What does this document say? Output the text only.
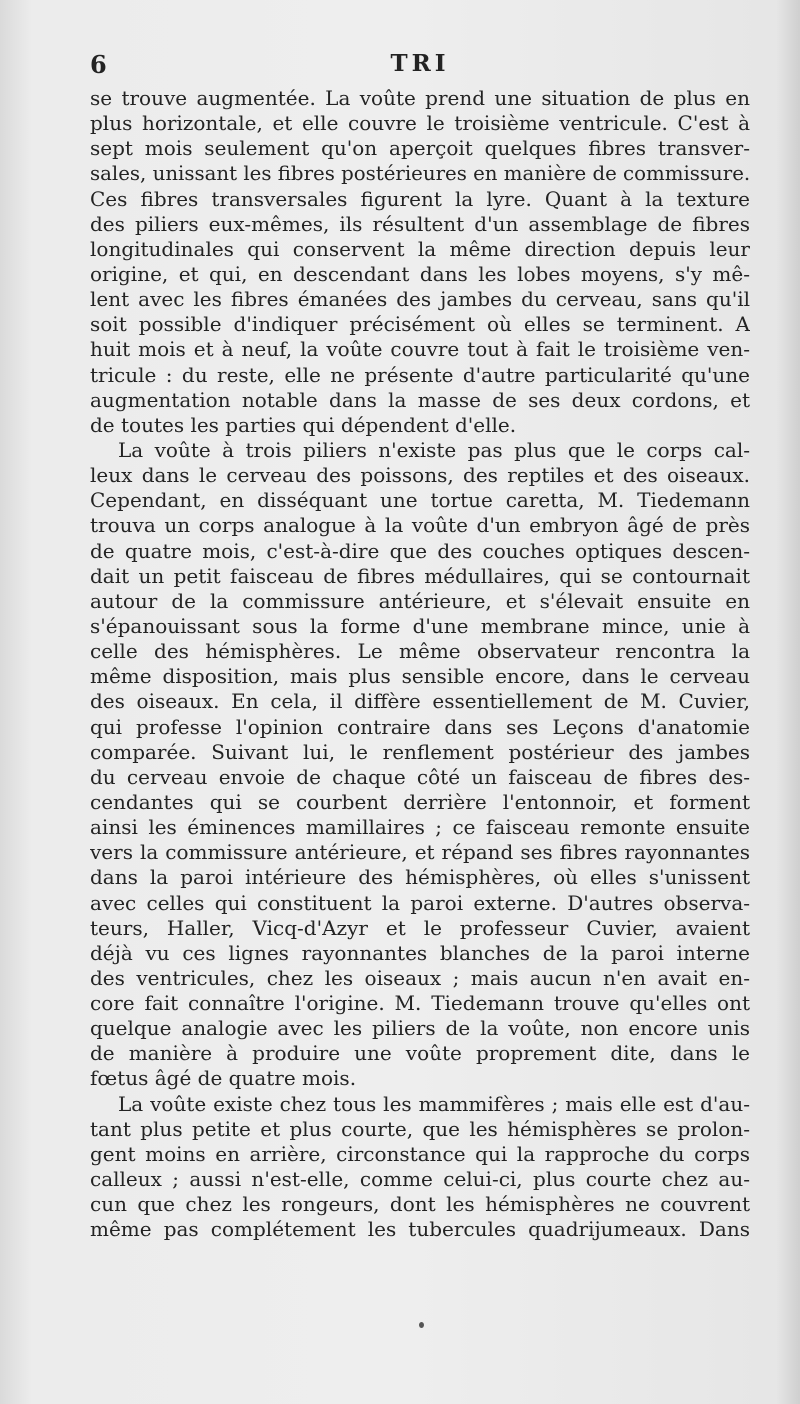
6	TRI
se trouve augmentée. La voûte prend une situation de plus en
plus horizontale, et elle couvre le troisième ventricule. C'est à
sept mois seulement qu'on aperçoit quelques fibres transver-
sales, unissant les fibres postérieures en manière de commissure.
Ces fibres transversales figurent la lyre. Quant à la texture
des piliers eux-mêmes, ils résultent d'un assemblage de fibres
longitudinales qui conservent la même direction depuis leur
origine, et qui, en descendant dans les lobes moyens, s'y mê-
lent avec les fibres émanées des jambes du cerveau, sans qu'il
soit possible d'indiquer précisément où elles se terminent. A
huit mois et à neuf, la voûte couvre tout à fait le troisième ven-
tricule : du reste, elle ne présente d'autre particularité qu'une
augmentation notable dans la masse de ses deux cordons, et
de toutes les parties qui dépendent d'elle.
La voûte à trois piliers n'existe pas plus que le corps cal-
leux dans le cerveau des poissons, des reptiles et des oiseaux.
Cependant, en disséquant une tortue caretta, M. Tiedemann
trouva un corps analogue à la voûte d'un embryon âgé de près
de quatre mois, c'est-à-dire que des couches optiques descen-
dait un petit faisceau de fibres médullaires, qui se contournait
autour de la commissure antérieure, et s'élevait ensuite en
s'épanouissant sous la forme d'une membrane mince, unie à
celle des hémisphères. Le même observateur rencontra la
même disposition, mais plus sensible encore, dans le cerveau
des oiseaux. En cela, il diffère essentiellement de M. Cuvier,
qui professe l'opinion contraire dans ses Leçons d'anatomie
comparée. Suivant lui, le renflement postérieur des jambes
du cerveau envoie de chaque côté un faisceau de fibres des-
cendantes qui se courbent derrière l'entonnoir, et forment
ainsi les éminences mamillaires ; ce faisceau remonte ensuite
vers la commissure antérieure, et répand ses fibres rayonnantes
dans la paroi intérieure des hémisphères, où elles s'unissent
avec celles qui constituent la paroi externe. D'autres observa-
teurs, Haller, Vicq-d'Azyr et le professeur Cuvier, avaient
déjà vu ces lignes rayonnantes blanches de la paroi interne
des ventricules, chez les oiseaux ; mais aucun n'en avait en-
core fait connaître l'origine. M. Tiedemann trouve qu'elles ont
quelque analogie avec les piliers de la voûte, non encore unis
de manière à produire une voûte proprement dite, dans le
fœtus âgé de quatre mois.
La voûte existe chez tous les mammifères ; mais elle est d'au-
tant plus petite et plus courte, que les hémisphères se prolon-
gent moins en arrière, circonstance qui la rapproche du corps
calleux ; aussi n'est-elle, comme celui-ci, plus courte chez au-
cun que chez les rongeurs, dont les hémisphères ne couvrent
même pas complétement les tubercules quadrijumeaux. Dans
